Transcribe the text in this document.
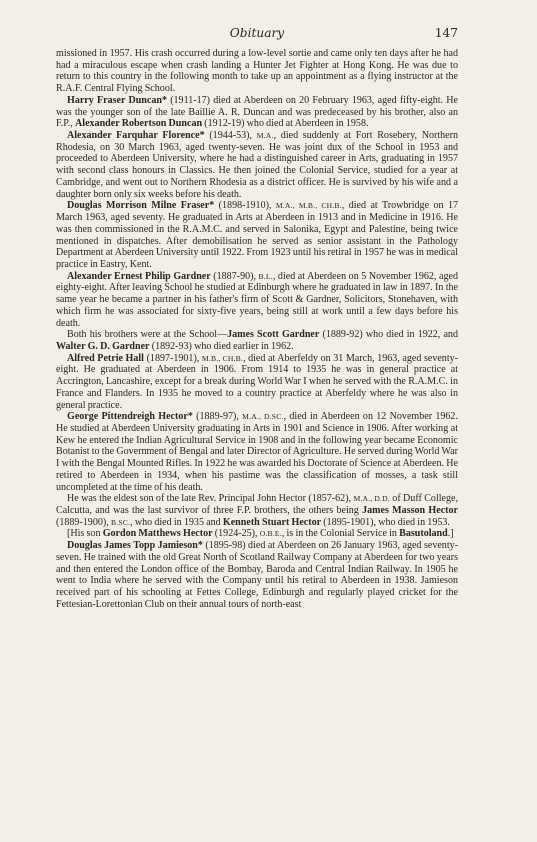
Obituary	147

missioned in 1957. His crash occurred during a low-level sortie and came only ten days after he had had a miraculous escape when crash landing a Hunter Jet Fighter at Hong Kong. He was due to return to this country in the following month to take up an appointment as a flying instructor at the R.A.F. Central Flying School.

Harry Fraser Duncan* (1911-17) died at Aberdeen on 20 February 1963, aged fifty-eight. He was the younger son of the late Baillie A. R. Duncan and was predeceased by his brother, also an F.P., Alexander Robertson Duncan (1912-19) who died at Aberdeen in 1958.

Alexander Farquhar Florence* (1944-53), M.A., died suddenly at Fort Rosebery, Northern Rhodesia, on 30 March 1963, aged twenty-seven. He was joint dux of the School in 1953 and proceeded to Aberdeen University, where he had a distinguished career in Arts, graduating in 1957 with second class honours in Classics. He then joined the Colonial Service, studied for a year at Cambridge, and went out to Northern Rhodesia as a district officer. He is survived by his wife and a daughter born only six weeks before his death.

Douglas Morrison Milne Fraser* (1898-1910), M.A., M.B., CH.B., died at Trowbridge on 17 March 1963, aged seventy. He graduated in Arts at Aberdeen in 1913 and in Medicine in 1916. He was then commissioned in the R.A.M.C. and served in Salonika, Egypt and Palestine, being twice mentioned in dispatches. After demobilisation he served as senior assistant in the Pathology Department at Aberdeen University until 1922. From 1923 until his retiral in 1957 he was in medical practice in Eastry, Kent.

Alexander Ernest Philip Gardner (1887-90), B.L., died at Aberdeen on 5 November 1962, aged eighty-eight. After leaving School he studied at Edinburgh where he graduated in law in 1897. In the same year he became a partner in his father's firm of Scott & Gardner, Solicitors, Stonehaven, with which firm he was associated for sixty-five years, being still at work until a few days before his death.

Both his brothers were at the School—James Scott Gardner (1889-92) who died in 1922, and Walter G. D. Gardner (1892-93) who died earlier in 1962.

Alfred Petrie Hall (1897-1901), M.B., CH.B., died at Aberfeldy on 31 March, 1963, aged seventy-eight. He graduated at Aberdeen in 1906. From 1914 to 1935 he was in general practice at Accrington, Lancashire, except for a break during World War I when he served with the R.A.M.C. in France and Flanders. In 1935 he moved to a country practice at Aberfeldy where he was also in general practice.

George Pittendreigh Hector* (1889-97), M.A., D.SC., died in Aberdeen on 12 November 1962. He studied at Aberdeen University graduating in Arts in 1901 and Science in 1906. After working at Kew he entered the Indian Agricultural Service in 1908 and in the following year became Economic Botanist to the Government of Bengal and later Director of Agriculture. He served during World War I with the Bengal Mounted Rifles. In 1922 he was awarded his Doctorate of Science at Aberdeen. He retired to Aberdeen in 1934, when his pastime was the classification of mosses, a task still uncompleted at the time of his death.

He was the eldest son of the late Rev. Principal John Hector (1857-62), M.A., D.D. of Duff College, Calcutta, and was the last survivor of three F.P. brothers, the others being James Masson Hector (1889-1900), B.SC., who died in 1935 and Kenneth Stuart Hector (1895-1901), who died in 1953.

[His son Gordon Matthews Hector (1924-25), O.B.E., is in the Colonial Service in Basutoland.]

Douglas James Topp Jamieson* (1895-98) died at Aberdeen on 26 January 1963, aged seventy-seven. He trained with the old Great North of Scotland Railway Company at Aberdeen for two years and then entered the London office of the Bombay, Baroda and Central Indian Railway. In 1905 he went to India where he served with the Company until his retiral to Aberdeen in 1938. Jamieson received part of his schooling at Fettes College, Edinburgh and regularly played cricket for the Fettesian-Lorettonian Club on their annual tours of north-east
